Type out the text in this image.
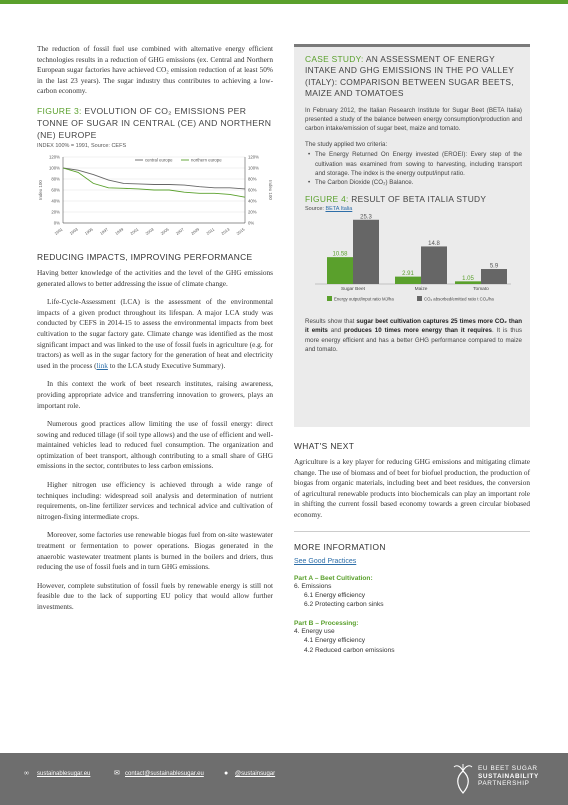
The reduction of fossil fuel use combined with alternative energy efficient technologies results in a reduction of GHG emissions (ex. Central and Northern European sugar factories have achieved CO₂ emission reduction of at least 50% in the last 23 years). The sugar industry thus contributes to achieving a low-carbon economy.

FIGURE 3: EVOLUTION OF CO₂ EMISSIONS PER TONNE OF SUGAR IN CENTRAL (CE) AND NORTHERN (NE) EUROPE
INDEX 100% = 1991, Source: CEFS
Index 100	Index 100
0%	0%
20%	20%
40%	40%
60%	60%
80%	80%
100%	100%
120%	120%
1991 1993 1995 1997 1999 2001 2003 2005 2007 2009 2011 2013 2015
central europe	northern europe
REDUCING IMPACTS, IMPROVING PERFORMANCE

Having better knowledge of the activities and the level of the GHG emissions generated allows to better addressing the issue of climate change.

Life-Cycle-Assessment (LCA) is the assessment of the environmental impacts of a given product throughout its lifespan. A major LCA study was conducted by CEFS in 2014-15 to assess the environmental impacts from beet cultivation to the sugar factory gate. Climate change was identified as the most significant impact and was linked to the use of fossil fuels in agriculture (e.g. for tractors) as well as in the sugar factory for the generation of heat and electricity used in the process (link to the LCA study Executive Summary).

In this context the work of beet research institutes, raising awareness, providing appropriate advice and transferring innovation to growers, plays an important role.

Numerous good practices allow limiting the use of fossil energy: direct sowing and reduced tillage (if soil type allows) and the use of efficient and well-maintained vehicles lead to reduced fuel consumption. The organization and optimization of beet transport, although contributing to a small share of GHG emissions in the sector, contributes to less carbon emissions.

Higher nitrogen use efficiency is achieved through a wide range of techniques including: widespread soil analysis and determination of nutrient requirements, on-line fertilizer services and technical advice and cultivation of nitrogen-fixing intermediate crops.

Moreover, some factories use renewable biogas fuel from on-site wastewater treatment or fermentation to power operations. Biogas generated in the anaerobic wastewater treatment plants is burned in the boilers and driers, thus reducing the use of fossil fuels and in turn GHG emissions.

However, complete substitution of fossil fuels by renewable energy is still not feasible due to the lack of supporting EU policy that would allow further investments.

CASE STUDY: AN ASSESSMENT OF ENERGY INTAKE AND GHG EMISSIONS IN THE PO VALLEY (ITALY): COMPARISON BETWEEN SUGAR BEETS, MAIZE AND TOMATOES

In February 2012, the Italian Research Institute for Sugar Beet (BETA Italia) presented a study of the balance between energy consumption/production and carbon intake/emission of sugar beet, maize and tomato.

The study applied two criteria:

• The Energy Returned On Energy invested (EROEI): Every step of the cultivation was examined from sowing to harvesting, including transport and storage. The index is the energy output/input ratio.
• The Carbon Dioxide (CO₂) Balance.
FIGURE 4: RESULT OF BETA ITALIA STUDY
Source: BETA Italia
10.58
25.3
Sugar Beet
2.91
14.8
Maize
1.05
5.9
Tomato
Energy output/input ratio MJ/ha	CO₂ absorbed/emitted ratio t CO₂/ha

Results show that sugar beet cultivation captures 25 times more CO₂ than it emits and produces 10 times more energy than it requires. It is thus more energy efficient and has a better GHG performance compared to maize and tomato.

WHAT'S NEXT

Agriculture is a key player for reducing GHG emissions and mitigating climate change. The use of biomass and of beet for biofuel production, the production of biogas from organic materials, including beet and beet residues, the conversion of agricultural renewable products into biochemicals can play an important role in shifting the current fossil based economy towards a green circular biobased economy.

MORE INFORMATION
See Good Practices
Part A – Beet Cultivation:
6. Emissions
6.1 Energy efficiency
6.2 Protecting carbon sinks
Part B – Processing:
4. Energy use
4.1 Energy efficiency
4.2 Reduced carbon emissions
∞ sustainablesugar.eu	✉ contact@sustainablesugar.eu	● @sustainsugar
EU BEET SUGAR
SUSTAINABILITY
PARTNERSHIP
